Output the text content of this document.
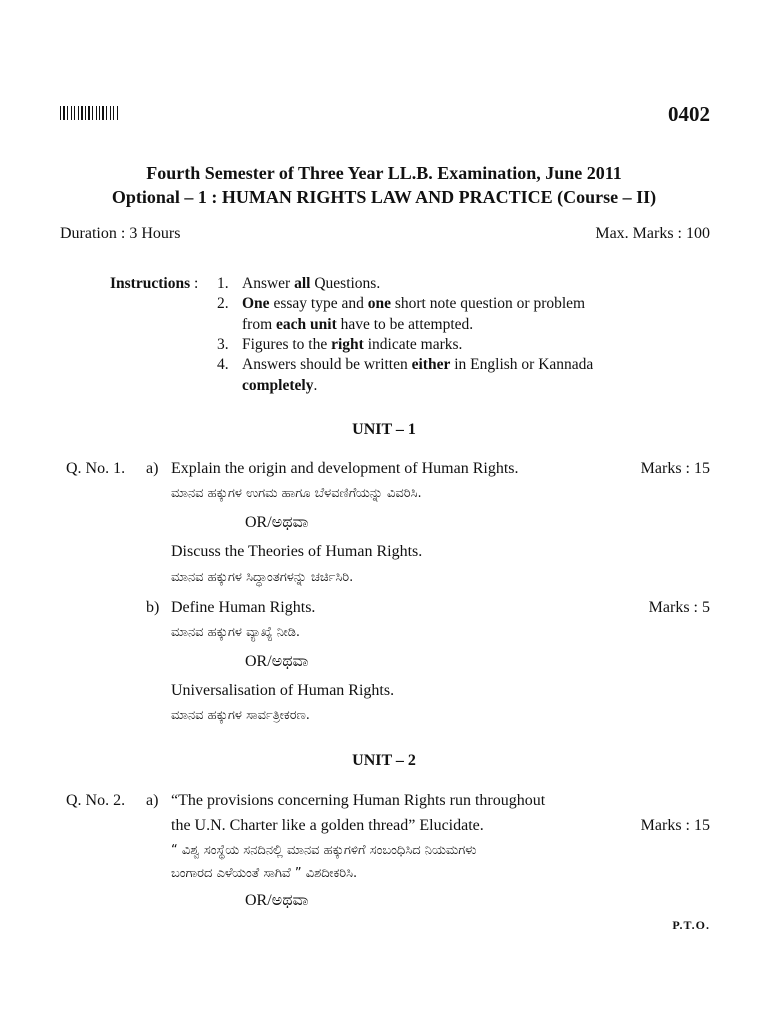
0402
Fourth Semester of Three Year LL.B. Examination, June 2011
Optional – 1 : HUMAN RIGHTS LAW AND PRACTICE (Course – II)
Duration : 3 Hours	Max. Marks : 100
Instructions : 1. Answer all Questions.
2. One essay type and one short note question or problem
from each unit have to be attempted.
3. Figures to the right indicate marks.
4. Answers should be written either in English or Kannada
completely.
UNIT – 1
Q. No. 1. a) Explain the origin and development of Human Rights.	Marks : 15
ಮಾನವ ಹಕ್ಕುಗಳ ಉಗಮ ಹಾಗೂ ಬೆಳವಣಿಗೆಯನ್ನು ವಿವರಿಸಿ.
OR/ಅಥವಾ
Discuss the Theories of Human Rights.
ಮಾನವ ಹಕ್ಕುಗಳ ಸಿದ್ಧಾಂತಗಳನ್ನು ಚರ್ಚಿಸಿರಿ.
b) Define Human Rights.	Marks : 5
ಮಾನವ ಹಕ್ಕುಗಳ ವ್ಯಾಖ್ಯೆ ನೀಡಿ.
OR/ಅಥವಾ
Universalisation of Human Rights.
ಮಾನವ ಹಕ್ಕುಗಳ ಸಾರ್ವತ್ರೀಕರಣ.
UNIT – 2
Q. No. 2. a) “The provisions concerning Human Rights run throughout
the U.N. Charter like a golden thread” Elucidate.	Marks : 15
“ ವಿಶ್ವ ಸಂಸ್ಥೆಯ ಸನದಿನಲ್ಲಿ ಮಾನವ ಹಕ್ಕುಗಳಿಗೆ ಸಂಬಂಧಿಸಿದ ನಿಯಮಗಳು
ಬಂಗಾರದ ಎಳೆಯಂತೆ ಸಾಗಿವೆ ” ವಿಶದೀಕರಿಸಿ.
OR/ಅಥವಾ
P.T.O.
